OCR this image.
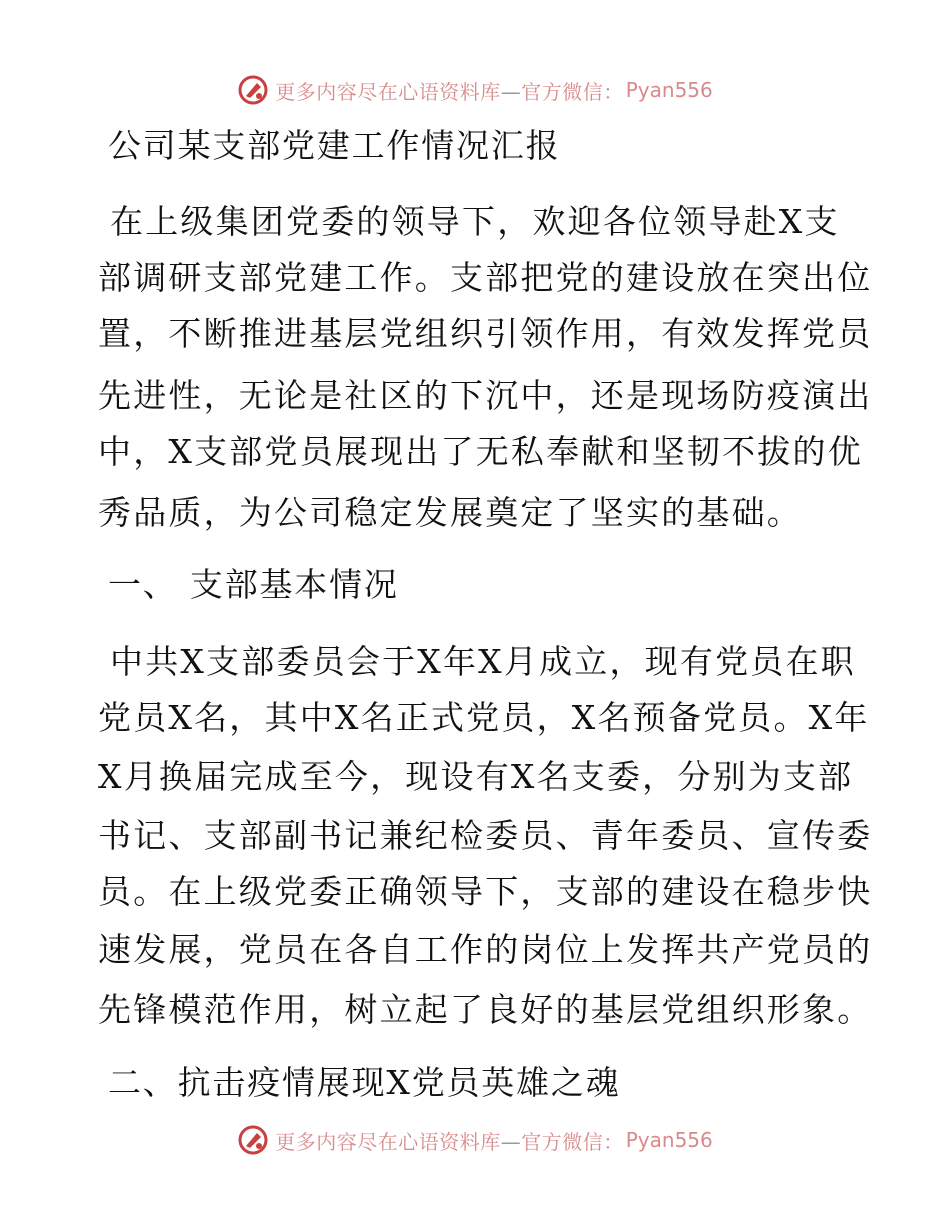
更多内容尽在心语资料库—官方微信： Pyan556
公司某支部党建工作情况汇报
在上级集团党委的领导下，欢迎各位领导赴X支
部调研支部党建工作。支部把党的建设放在突出位
置，不断推进基层党组织引领作用，有效发挥党员
先进性，无论是社区的下沉中，还是现场防疫演出
中，X支部党员展现出了无私奉献和坚韧不拔的优
秀品质，为公司稳定发展奠定了坚实的基础。
一、 支部基本情况
中共X支部委员会于X年X月成立，现有党员在职
党员X名，其中X名正式党员，X名预备党员。X年
X月换届完成至今，现设有X名支委，分别为支部
书记、支部副书记兼纪检委员、青年委员、宣传委
员。在上级党委正确领导下，支部的建设在稳步快
速发展，党员在各自工作的岗位上发挥共产党员的
先锋模范作用，树立起了良好的基层党组织形象。
二、抗击疫情展现X党员英雄之魂
更多内容尽在心语资料库—官方微信： Pyan556
